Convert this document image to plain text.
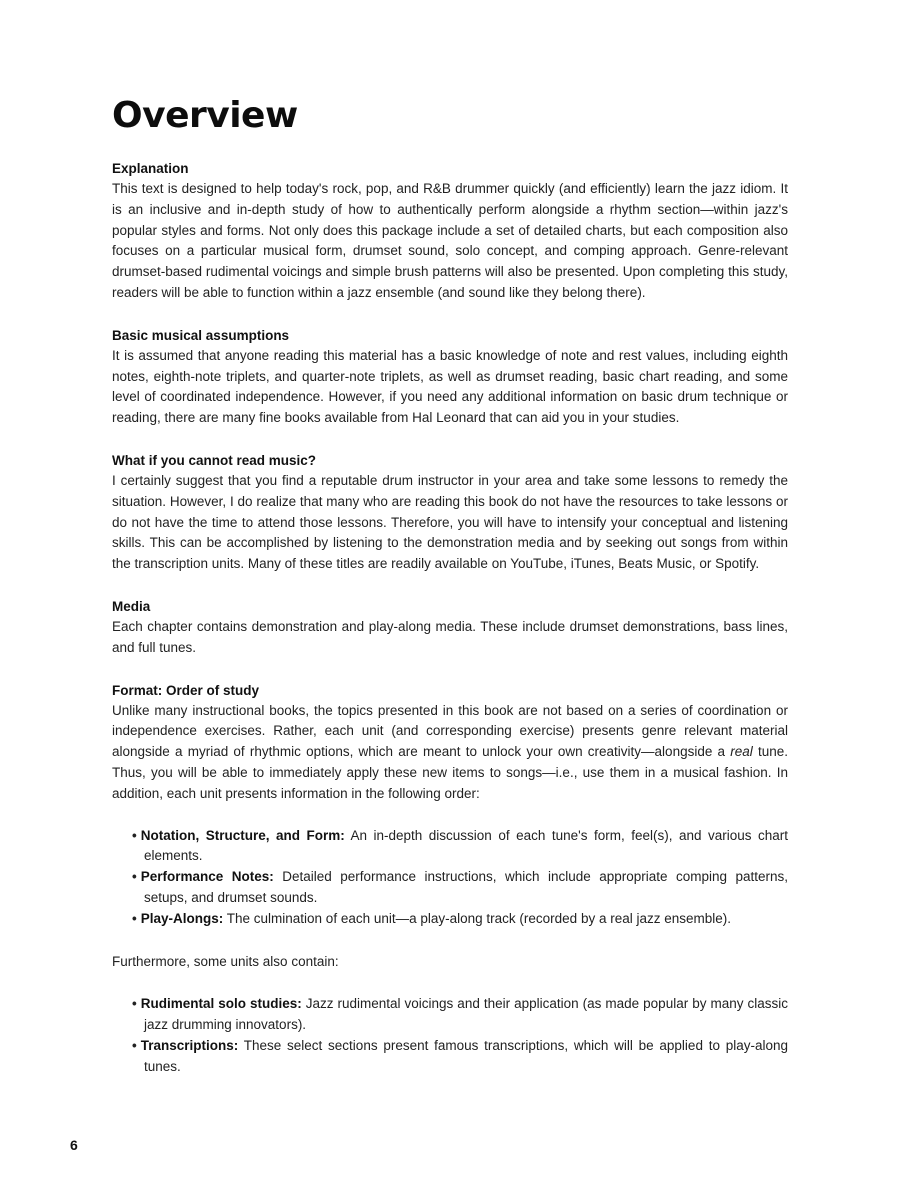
Overview
Explanation

This text is designed to help today's rock, pop, and R&B drummer quickly (and efficiently) learn the jazz idiom. It is an inclusive and in-depth study of how to authentically perform alongside a rhythm section—within jazz's popular styles and forms. Not only does this package include a set of detailed charts, but each composition also focuses on a particular musical form, drumset sound, solo concept, and comping approach. Genre-relevant drumset-based rudimental voicings and simple brush patterns will also be presented. Upon completing this study, readers will be able to function within a jazz ensemble (and sound like they belong there).

Basic musical assumptions

It is assumed that anyone reading this material has a basic knowledge of note and rest values, including eighth notes, eighth-note triplets, and quarter-note triplets, as well as drumset reading, basic chart reading, and some level of coordinated independence. However, if you need any additional information on basic drum technique or reading, there are many fine books available from Hal Leonard that can aid you in your studies.

What if you cannot read music?

I certainly suggest that you find a reputable drum instructor in your area and take some lessons to remedy the situation. However, I do realize that many who are reading this book do not have the resources to take lessons or do not have the time to attend those lessons. Therefore, you will have to intensify your conceptual and listening skills. This can be accomplished by listening to the demonstration media and by seeking out songs from within the transcription units. Many of these titles are readily available on YouTube, iTunes, Beats Music, or Spotify.

Media

Each chapter contains demonstration and play-along media. These include drumset demonstrations, bass lines, and full tunes.

Format: Order of study

Unlike many instructional books, the topics presented in this book are not based on a series of coordination or independence exercises. Rather, each unit (and corresponding exercise) presents genre relevant material alongside a myriad of rhythmic options, which are meant to unlock your own creativity—alongside a real tune. Thus, you will be able to immediately apply these new items to songs—i.e., use them in a musical fashion. In addition, each unit presents information in the following order:

• Notation, Structure, and Form: An in-depth discussion of each tune's form, feel(s), and various chart elements.
• Performance Notes: Detailed performance instructions, which include appropriate comping patterns, setups, and drumset sounds.
• Play-Alongs: The culmination of each unit—a play-along track (recorded by a real jazz ensemble).

Furthermore, some units also contain:

• Rudimental solo studies: Jazz rudimental voicings and their application (as made popular by many classic jazz drumming innovators).
• Transcriptions: These select sections present famous transcriptions, which will be applied to play-along tunes.
6
